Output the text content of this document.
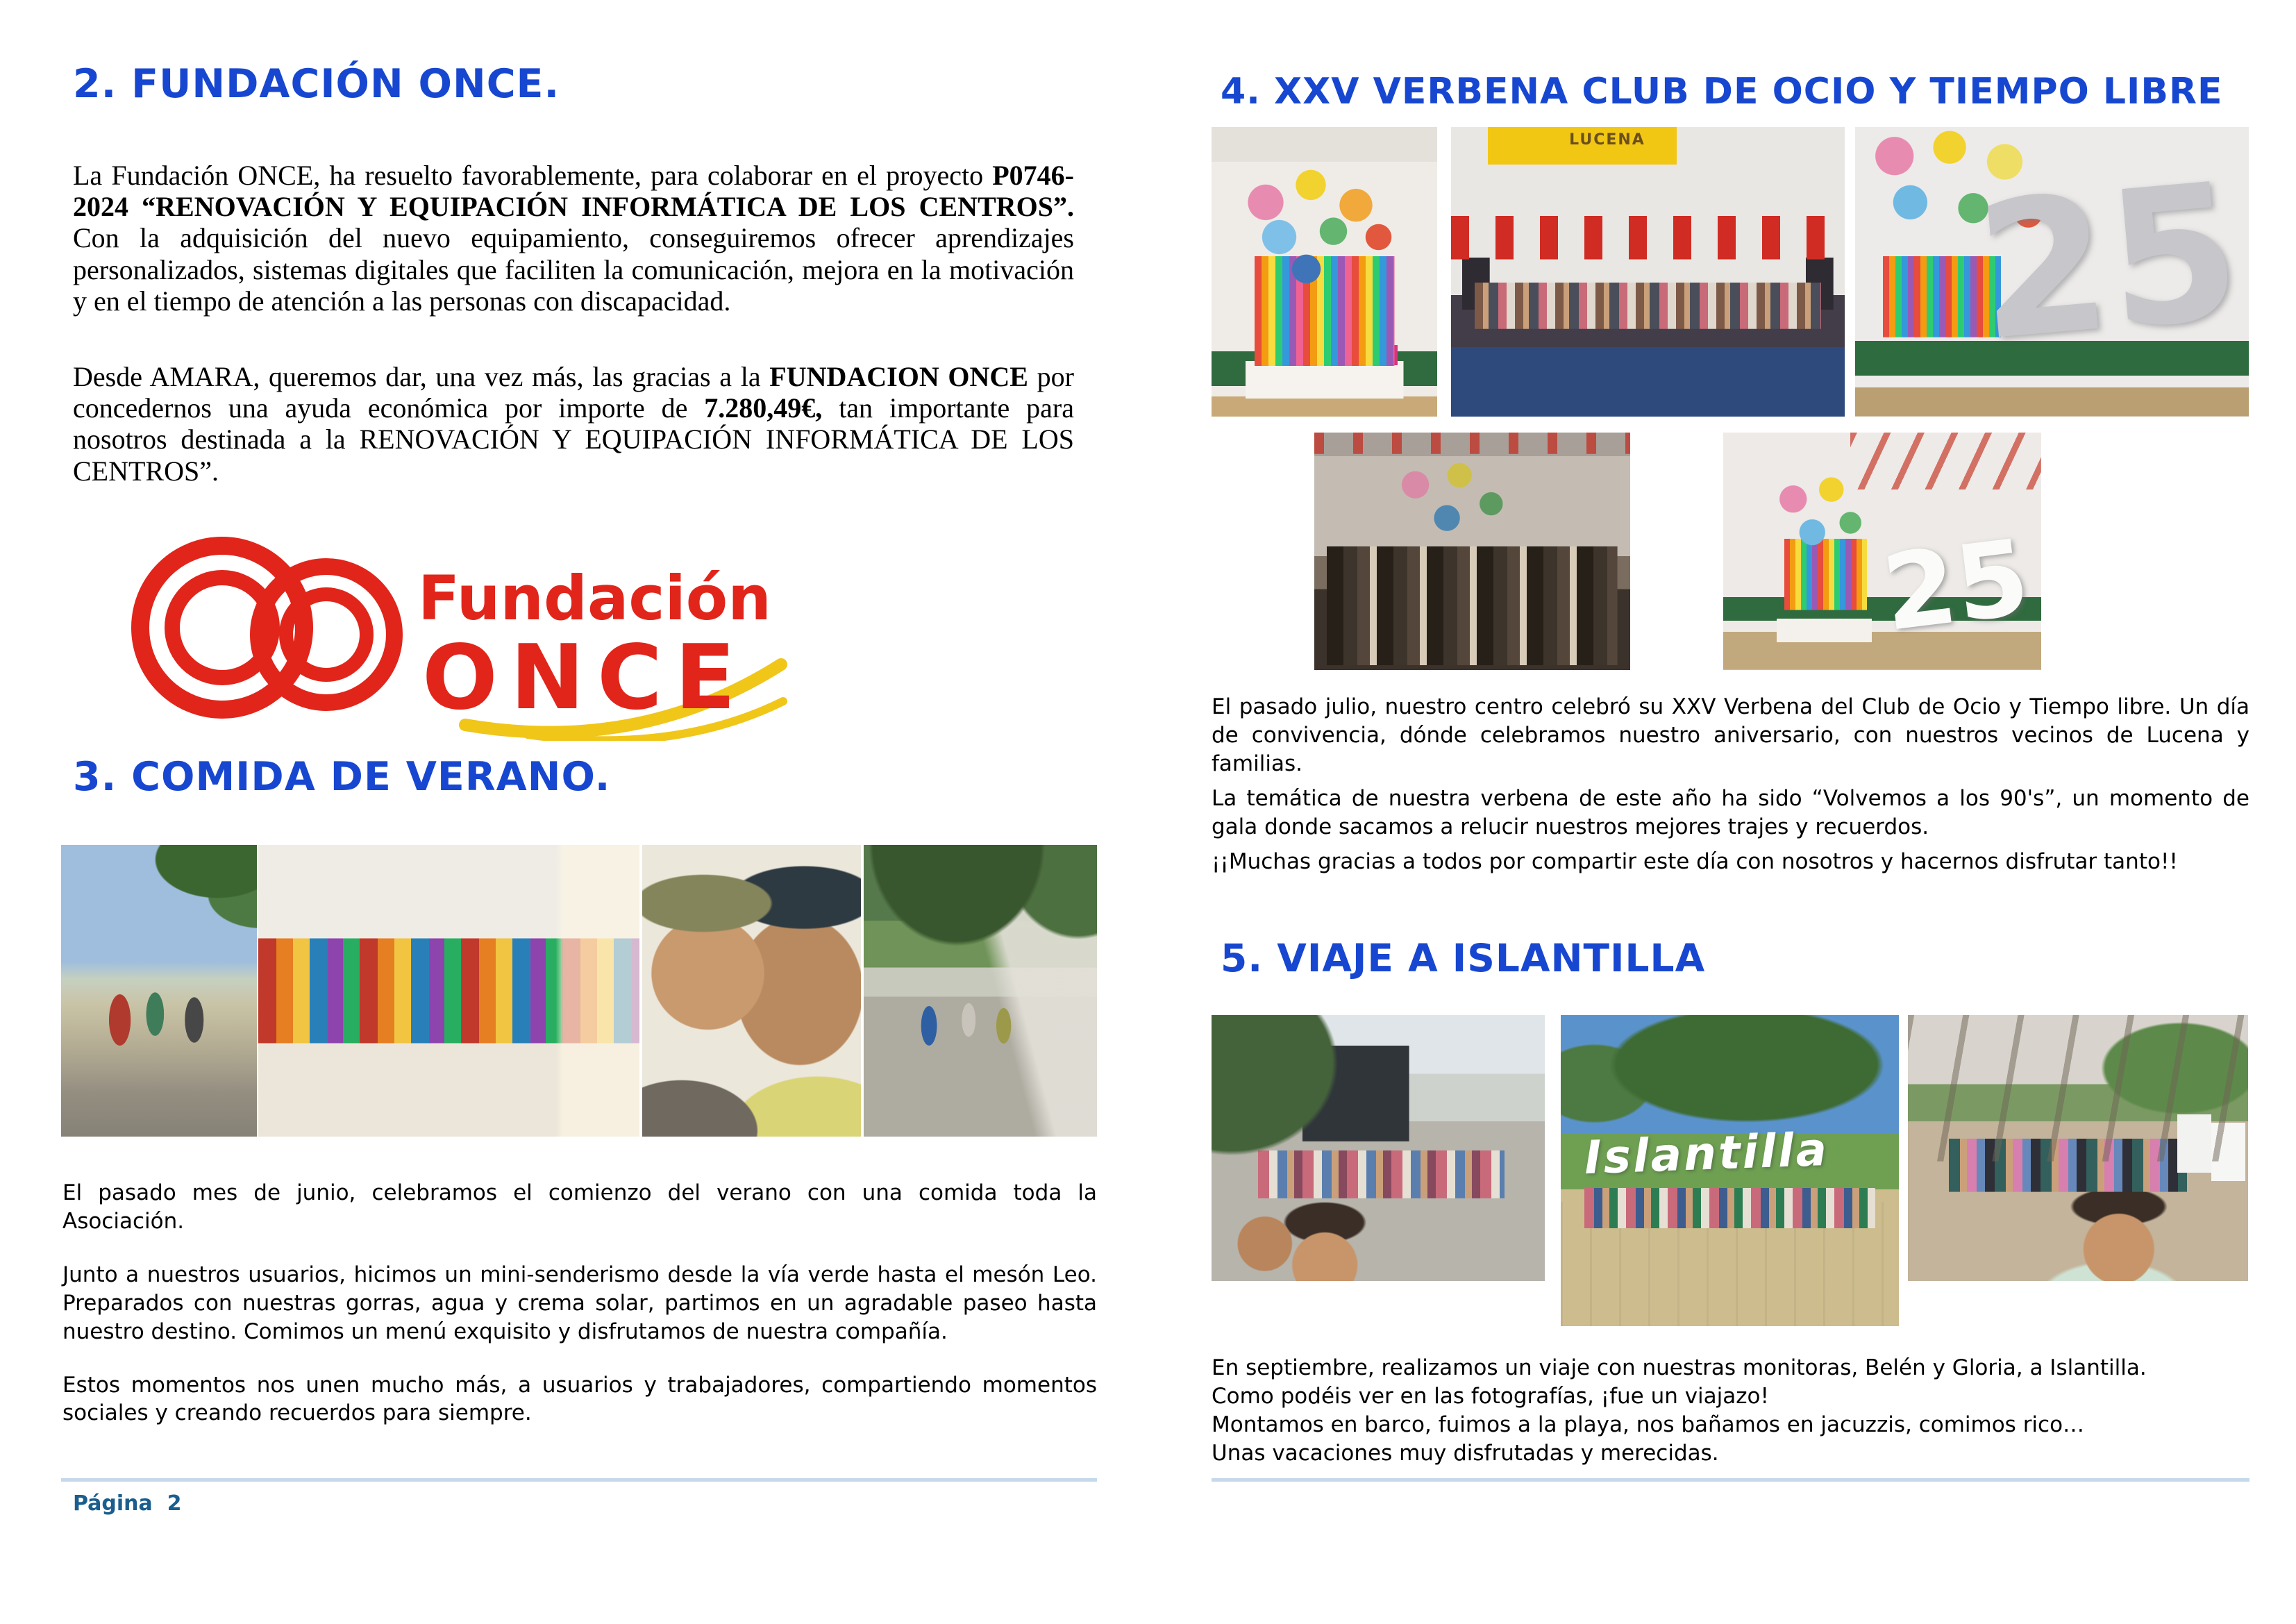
2. FUNDACIÓN ONCE.

La Fundación ONCE, ha resuelto favorablemente, para colaborar en el proyecto P0746-2024 “RENOVACIÓN Y EQUIPACIÓN INFORMÁTICA DE LOS CENTROS”. Con la adquisición del nuevo equipamiento, conseguiremos ofrecer aprendizajes personalizados, sistemas digitales que faciliten la comunicación, mejora en la motivación y en el tiempo de atención a las personas con discapacidad.

Desde AMARA, queremos dar, una vez más, las gracias a la FUNDACION ONCE por concedernos una ayuda económica por importe de 7.280,49€, tan importante para nosotros destinada a la RENOVACIÓN Y EQUIPACIÓN INFORMÁTICA DE LOS CENTROS”.

Fundación
ONCE
3. COMIDA DE VERANO.

El pasado mes de junio, celebramos el comienzo del verano con una comida toda la Asociación.

Junto a nuestros usuarios, hicimos un mini-senderismo desde la vía verde hasta el mesón Leo. Preparados con nuestras gorras, agua y crema solar, partimos en un agradable paseo hasta nuestro destino. Comimos un menú exquisito y disfrutamos de nuestra compañía.

Estos momentos nos unen mucho más, a usuarios y trabajadores, compartiendo momentos sociales y creando recuerdos para siempre.

Página  2
4. XXV VERBENA CLUB DE OCIO Y TIEMPO LIBRE
LUCENA
25
25

El pasado julio, nuestro centro celebró su XXV Verbena del Club de Ocio y Tiempo libre. Un día de convivencia, dónde celebramos nuestro aniversario, con nuestros vecinos de Lucena y familias.

La temática de nuestra verbena de este año ha sido “Volvemos a los 90's”, un momento de gala donde sacamos a relucir nuestros mejores trajes y recuerdos.

¡¡Muchas gracias a todos por compartir este día con nosotros y hacernos disfrutar tanto!!

5. VIAJE A ISLANTILLA
Islantilla

En septiembre, realizamos un viaje con nuestras monitoras, Belén y Gloria, a Islantilla.

Como podéis ver en las fotografías, ¡fue un viajazo!

Montamos en barco, fuimos a la playa, nos bañamos en jacuzzis, comimos rico…

Unas vacaciones muy disfrutadas y merecidas.
